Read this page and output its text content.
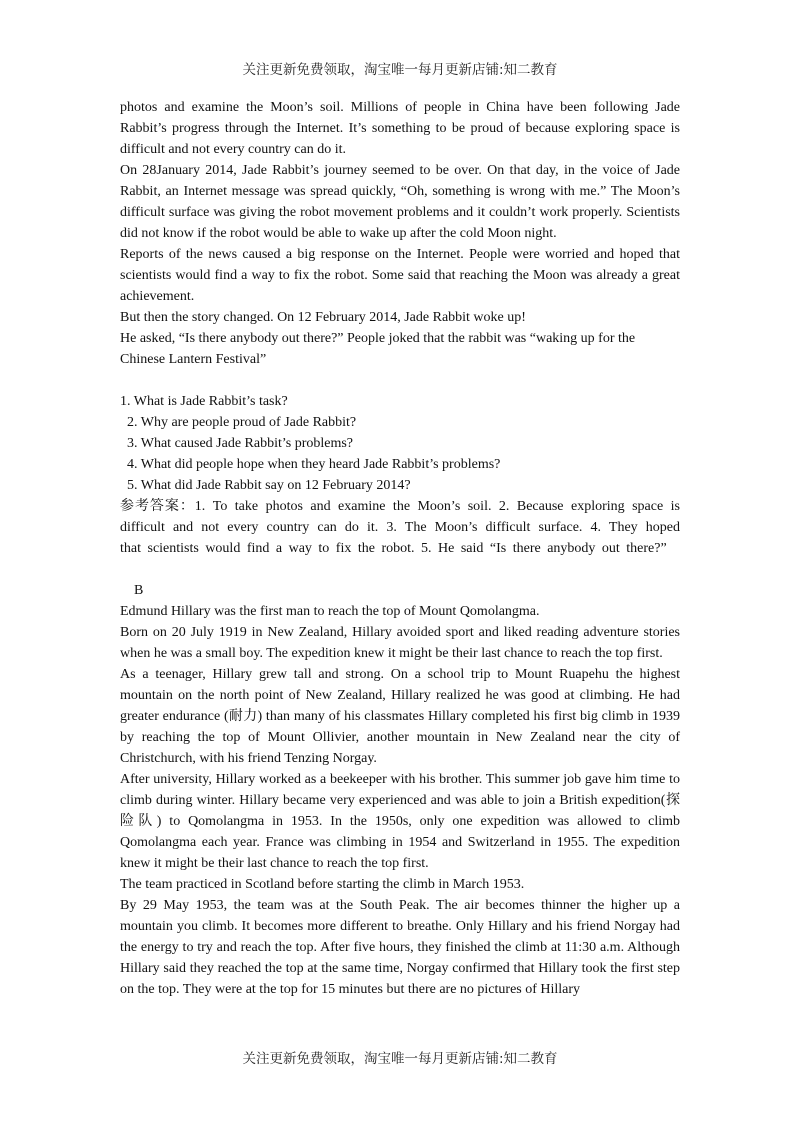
关注更新免费领取，淘宝唯一每月更新店铺:知二教育

photos and examine the Moon’s soil. Millions of people in China have been following Jade Rabbit’s progress through the Internet. It’s something to be proud of because exploring space is difficult and not every country can do it.

On 28January 2014, Jade Rabbit’s journey seemed to be over. On that day, in the voice of Jade Rabbit, an Internet message was spread quickly, “Oh, something is wrong with me.” The Moon’s difficult surface was giving the robot movement problems and it couldn’t work properly. Scientists did not know if the robot would be able to wake up after the cold Moon night.

Reports of the news caused a big response on the Internet. People were worried and hoped that scientists would find a way to fix the robot. Some said that reaching the Moon was already a great achievement.

But then the story changed. On 12 February 2014, Jade Rabbit woke up!

He asked, “Is there anybody out there?” People joked that the rabbit was “waking up for the Chinese Lantern Festival”

1. What is Jade Rabbit’s task?

2. Why are people proud of Jade Rabbit?

3. What caused Jade Rabbit’s problems?

4. What did people hope when they heard Jade Rabbit’s problems?

5. What did Jade Rabbit say on 12 February 2014?

参考答案：1. To take photos and examine the Moon’s soil. 2. Because exploring space is difficult and not every country can do it. 3. The Moon’s difficult surface. 4. They hoped that scientists would find a way to fix the robot. 5. He said “Is there anybody out there?”

B

Edmund Hillary was the first man to reach the top of Mount Qomolangma.

Born on 20 July 1919 in New Zealand, Hillary avoided sport and liked reading adventure stories when he was a small boy. The expedition knew it might be their last chance to reach the top first.

As a teenager, Hillary grew tall and strong. On a school trip to Mount Ruapehu the highest mountain on the north point of New Zealand, Hillary realized he was good at climbing. He had greater endurance (耐力) than many of his classmates Hillary completed his first big climb in 1939 by reaching the top of Mount Ollivier, another mountain in New Zealand near the city of Christchurch, with his friend Tenzing Norgay.

After university, Hillary worked as a beekeeper with his brother. This summer job gave him time to climb during winter. Hillary became very experienced and was able to join a British expedition(探险队) to Qomolangma in 1953. In the 1950s, only one expedition was allowed to climb Qomolangma each year. France was climbing in 1954 and Switzerland in 1955. The expedition knew it might be their last chance to reach the top first.

The team practiced in Scotland before starting the climb in March 1953.

By 29 May 1953, the team was at the South Peak. The air becomes thinner the higher up a mountain you climb. It becomes more different to breathe. Only Hillary and his friend Norgay had the energy to try and reach the top. After five hours, they finished the climb at 11:30 a.m. Although Hillary said they reached the top at the same time, Norgay confirmed that Hillary took the first step on the top. They were at the top for 15 minutes but there are no pictures of Hillary

关注更新免费领取，淘宝唯一每月更新店铺:知二教育
